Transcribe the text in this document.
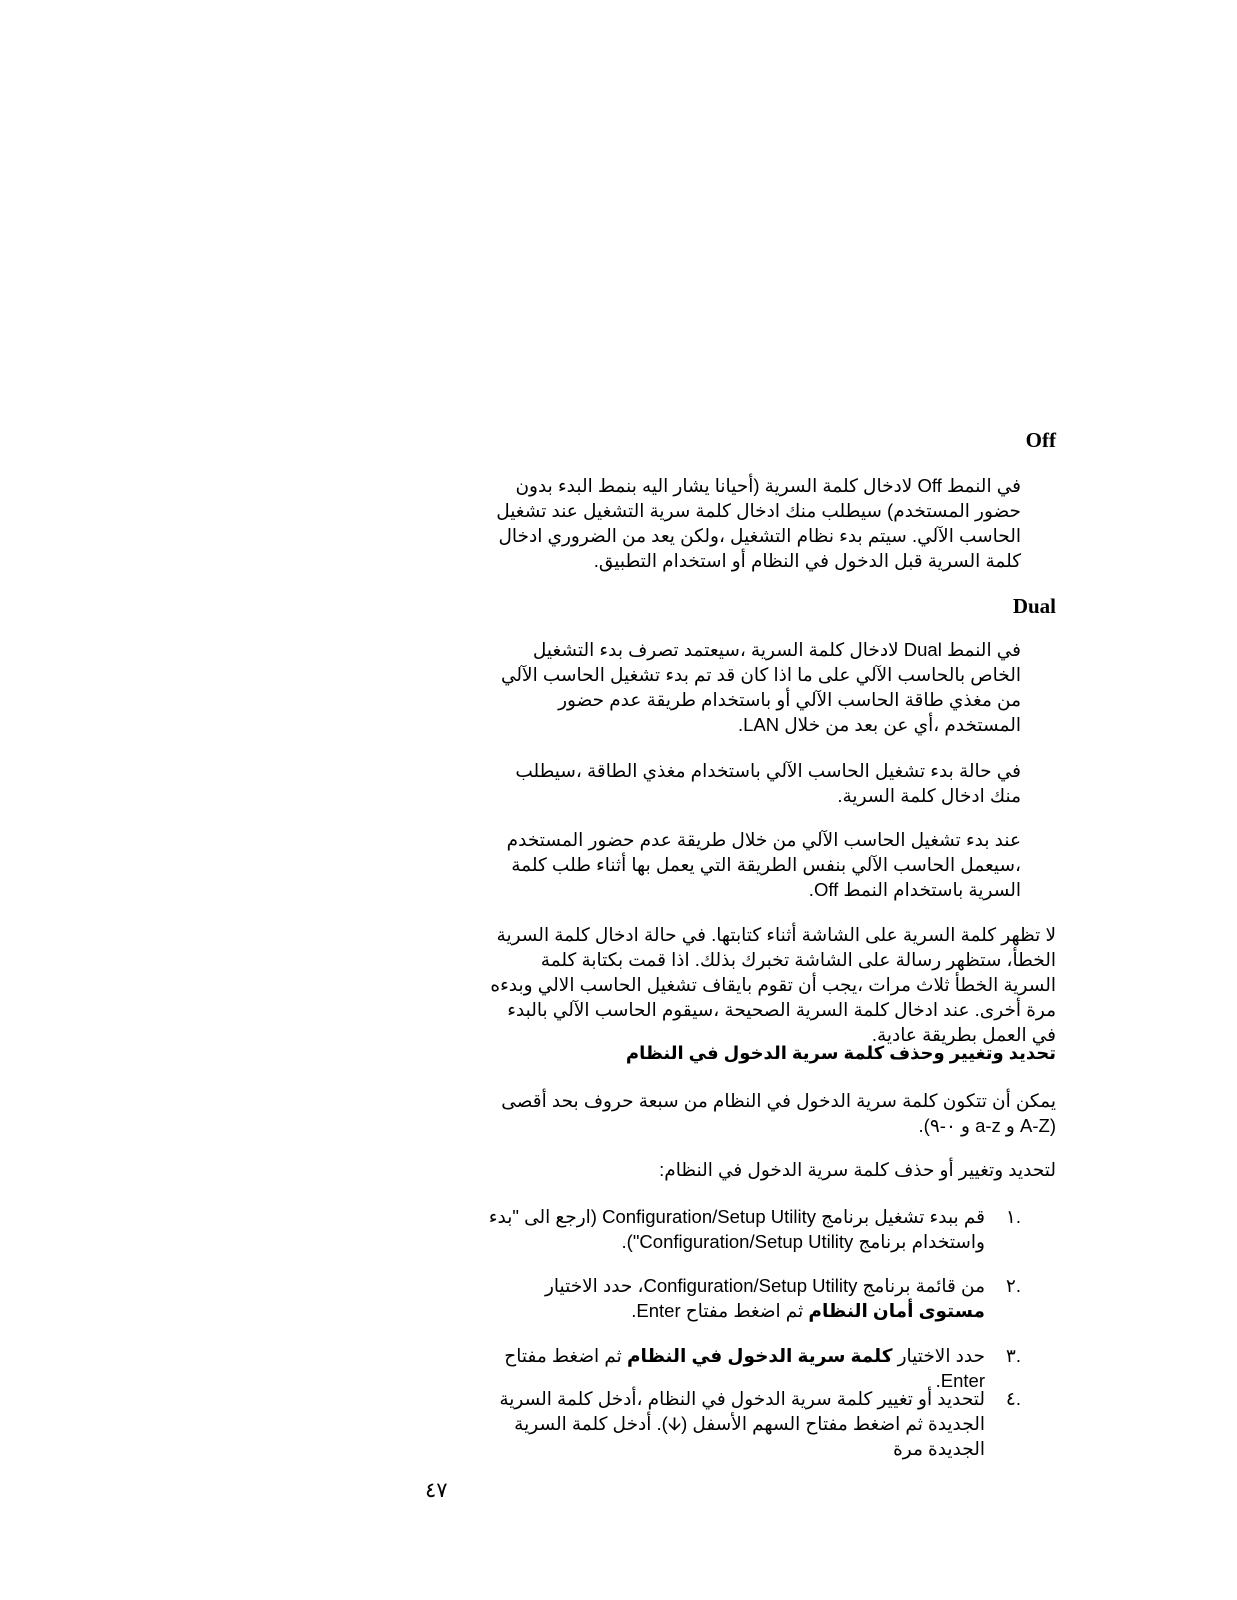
Off
في النمط Off لادخال كلمة السرية (أحيانا يشار اليه بنمط البدء بدون حضور المستخدم) سيطلب منك ادخال كلمة سرية التشغيل عند تشغيل الحاسب الآلي. سيتم بدء نظام التشغيل ،ولكن يعد من الضروري ادخال كلمة السرية قبل الدخول في النظام أو استخدام التطبيق.
Dual
في النمط Dual لادخال كلمة السرية ،سيعتمد تصرف بدء التشغيل الخاص بالحاسب الآلي على ما اذا كان قد تم بدء تشغيل الحاسب الآلي من مغذي طاقة الحاسب الآلي أو باستخدام طريقة عدم حضور المستخدم ،أي عن بعد من خلال LAN.
في حالة بدء تشغيل الحاسب الآلي باستخدام مغذي الطاقة ،سيطلب منك ادخال كلمة السرية.
عند بدء تشغيل الحاسب الآلي من خلال طريقة عدم حضور المستخدم ،سيعمل الحاسب الآلي بنفس الطريقة التي يعمل بها أثناء طلب كلمة السرية باستخدام النمط Off.
لا تظهر كلمة السرية على الشاشة أثناء كتابتها. في حالة ادخال كلمة السرية الخطأ، ستظهر رسالة على الشاشة تخبرك بذلك. اذا قمت بكتابة كلمة السرية الخطأ ثلاث مرات ،يجب أن تقوم بايقاف تشغيل الحاسب الالي وبدءه مرة أخرى. عند ادخال كلمة السرية الصحيحة ،سيقوم الحاسب الآلي بالبدء في العمل بطريقة عادية.
تحديد وتغيير وحذف كلمة سرية الدخول في النظام
يمكن أن تتكون كلمة سرية الدخول في النظام من سبعة حروف بحد أقصى (A-Z و a-z و ٠-٩).
لتحديد وتغيير أو حذف كلمة سرية الدخول في النظام:
.١
قم ببدء تشغيل برنامج Configuration/Setup Utility (ارجع الى "بدء واستخدام برنامج Configuration/Setup Utility").
.٢
من قائمة برنامج Configuration/Setup Utility، حدد الاختيار مستوى أمان النظام ثم اضغط مفتاح Enter.
.٣
حدد الاختيار كلمة سرية الدخول في النظام ثم اضغط مفتاح Enter.
.٤
لتحديد أو تغيير كلمة سرية الدخول في النظام ،أدخل كلمة السرية الجديدة ثم اضغط مفتاح السهم الأسفل (🡫). أدخل كلمة السرية الجديدة مرة
٤٧
